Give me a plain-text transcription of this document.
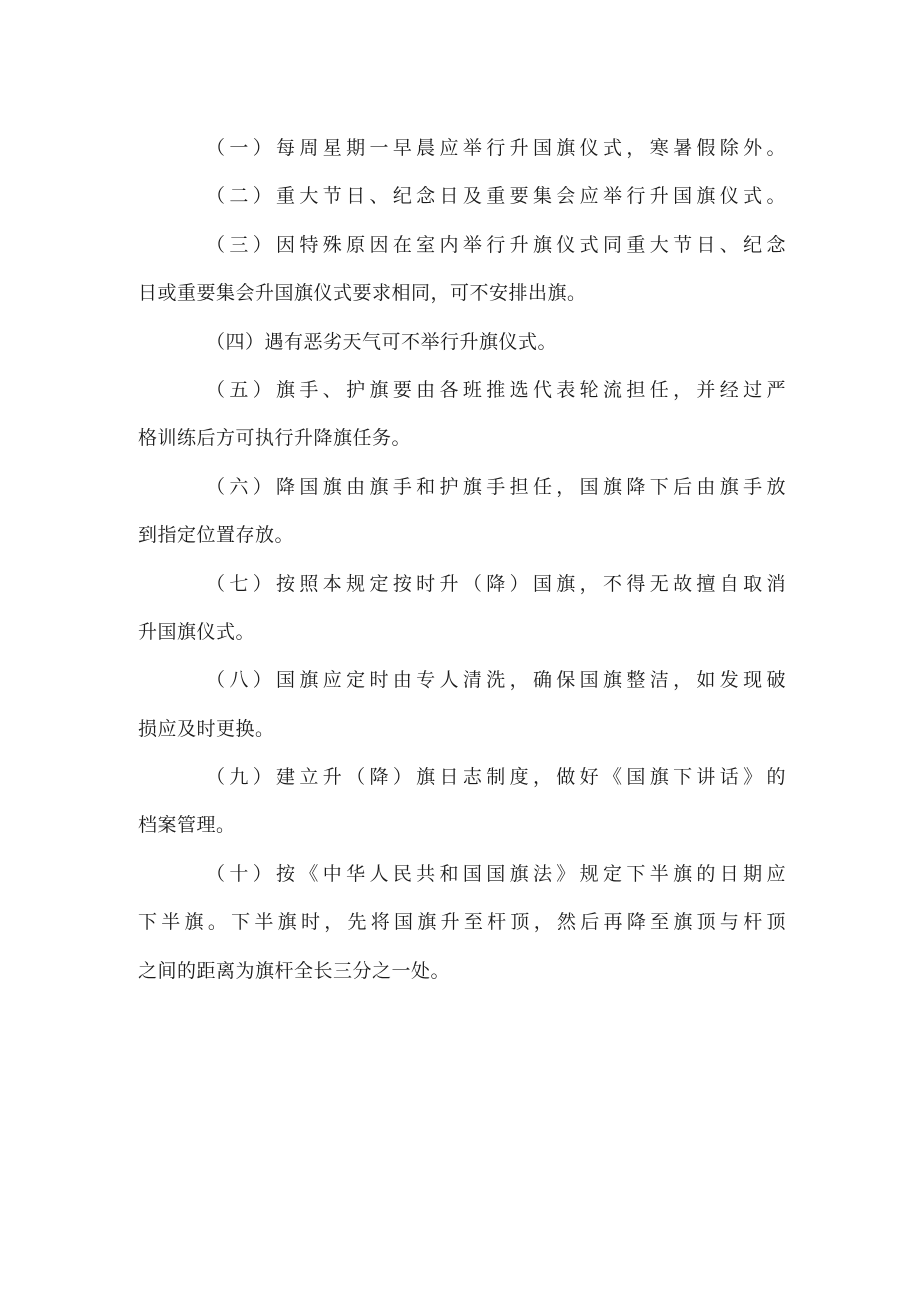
（一）每周星期一早晨应举行升国旗仪式，寒暑假除外。
（二）重大节日、纪念日及重要集会应举行升国旗仪式。
（三）因特殊原因在室内举行升旗仪式同重大节日、纪念
日或重要集会升国旗仪式要求相同，可不安排出旗。
（四）遇有恶劣天气可不举行升旗仪式。
（五）旗手、护旗要由各班推选代表轮流担任，并经过严
格训练后方可执行升降旗任务。
（六）降国旗由旗手和护旗手担任，国旗降下后由旗手放
到指定位置存放。
（七）按照本规定按时升（降）国旗，不得无故擅自取消
升国旗仪式。
（八）国旗应定时由专人清洗，确保国旗整洁，如发现破
损应及时更换。
（九）建立升（降）旗日志制度，做好《国旗下讲话》的
档案管理。
（十）按《中华人民共和国国旗法》规定下半旗的日期应
下半旗。下半旗时，先将国旗升至杆顶，然后再降至旗顶与杆顶
之间的距离为旗杆全长三分之一处。
